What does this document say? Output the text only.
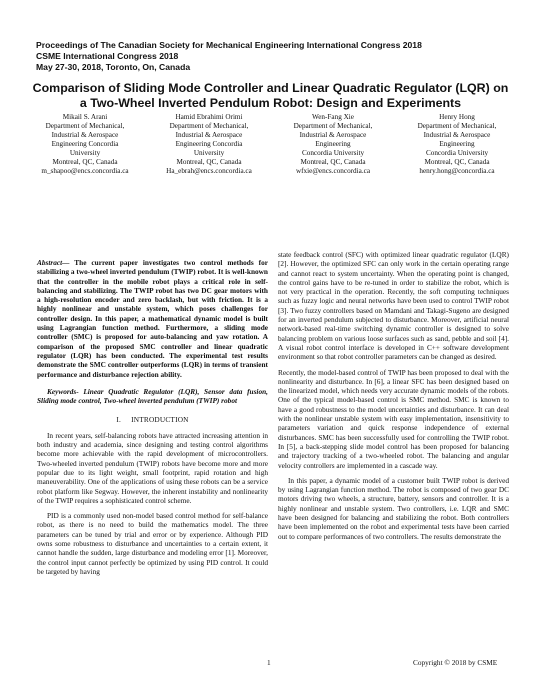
Proceedings of The Canadian Society for Mechanical Engineering International Congress 2018
CSME International Congress 2018
May 27-30, 2018, Toronto, On, Canada
Comparison of Sliding Mode Controller and Linear Quadratic Regulator (LQR) on a Two-Wheel Inverted Pendulum Robot: Design and Experiments
Mikail S. Arani
Department of Mechanical,
Industrial & Aerospace
Engineering Concordia
University
Montreal, QC, Canada
m_shapoo@encs.concordia.ca
Hamid Ebrahimi Orimi
Department of Mechanical,
Industrial & Aerospace
Engineering Concordia
University
Montreal, QC, Canada
Ha_ebrah@encs.concordia.ca
Wen-Fang Xie
Department of Mechanical,
Industrial & Aerospace
Engineering
Concordia University
Montreal, QC, Canada
wfxie@encs.concordia.ca
Henry Hong
Department of Mechanical,
Industrial & Aerospace
Engineering
Concordia University
Montreal, QC, Canada
henry.hong@concordia.ca

Abstract— The current paper investigates two control methods for stabilizing a two-wheel inverted pendulum (TWIP) robot. It is well-known that the controller in the mobile robot plays a critical role in self-balancing and stabilizing. The TWIP robot has two DC gear motors with a high-resolution encoder and zero backlash, but with friction. It is a highly nonlinear and unstable system, which poses challenges for controller design. In this paper, a mathematical dynamic model is built using Lagrangian function method. Furthermore, a sliding mode controller (SMC) is proposed for auto-balancing and yaw rotation. A comparison of the proposed SMC controller and linear quadratic regulator (LQR) has been conducted. The experimental test results demonstrate the SMC controller outperforms (LQR) in terms of transient performance and disturbance rejection ability.

Keywords- Linear Quadratic Regulator (LQR), Sensor data fusion, Sliding mode control, Two-wheel inverted pendulum (TWIP) robot

I.     INTRODUCTION

In recent years, self-balancing robots have attracted increasing attention in both industry and academia, since designing and testing control algorithms become more achievable with the rapid development of microcontrollers. Two-wheeled inverted pendulum (TWIP) robots have become more and more popular due to its light weight, small footprint, rapid rotation and high maneuverability. One of the applications of using these robots can be a service robot platform like Segway. However, the inherent instability and nonlinearity of the TWIP requires a sophisticated control scheme.

PID is a commonly used non-model based control method for self-balance robot, as there is no need to build the mathematics model. The three parameters can be tuned by trial and error or by experience. Although PID owns some robustness to disturbance and uncertainties to a certain extent, it cannot handle the sudden, large disturbance and modeling error [1]. Moreover, the control input cannot perfectly be optimized by using PID control. It could be targeted by having

state feedback control (SFC) with optimized linear quadratic regulator (LQR) [2]. However, the optimized SFC can only work in the certain operating range and cannot react to system uncertainty. When the operating point is changed, the control gains have to be re-tuned in order to stabilize the robot, which is not very practical in the operation. Recently, the soft computing techniques such as fuzzy logic and neural networks have been used to control TWIP robot [3]. Two fuzzy controllers based on Mamdani and Takagi-Sugeno are designed for an inverted pendulum subjected to disturbance. Moreover, artificial neural network-based real-time switching dynamic controller is designed to solve balancing problem on various loose surfaces such as sand, pebble and soil [4]. A visual robot control interface is developed in C++ software development environment so that robot controller parameters can be changed as desired.

Recently, the model-based control of TWIP has been proposed to deal with the nonlinearity and disturbance. In [6], a linear SFC has been designed based on the linearized model, which needs very accurate dynamic models of the robots. One of the typical model-based control is SMC method. SMC is known to have a good robustness to the model uncertainties and disturbance. It can deal with the nonlinear unstable system with easy implementation, insensitivity to parameters variation and quick response independence of external disturbances. SMC has been successfully used for controlling the TWIP robot. In [5], a back-stepping slide model control has been proposed for balancing and trajectory tracking of a two-wheeled robot. The balancing and angular velocity controllers are implemented in a cascade way.

In this paper, a dynamic model of a customer built TWIP robot is derived by using Lagrangian function method. The robot is composed of two gear DC motors driving two wheels, a structure, battery, sensors and controller. It is a highly nonlinear and unstable system. Two controllers, i.e. LQR and SMC have been designed for balancing and stabilizing the robot. Both controllers have been implemented on the robot and experimental tests have been carried out to compare performances of two controllers. The results demonstrate the

1	Copyright © 2018 by CSME
